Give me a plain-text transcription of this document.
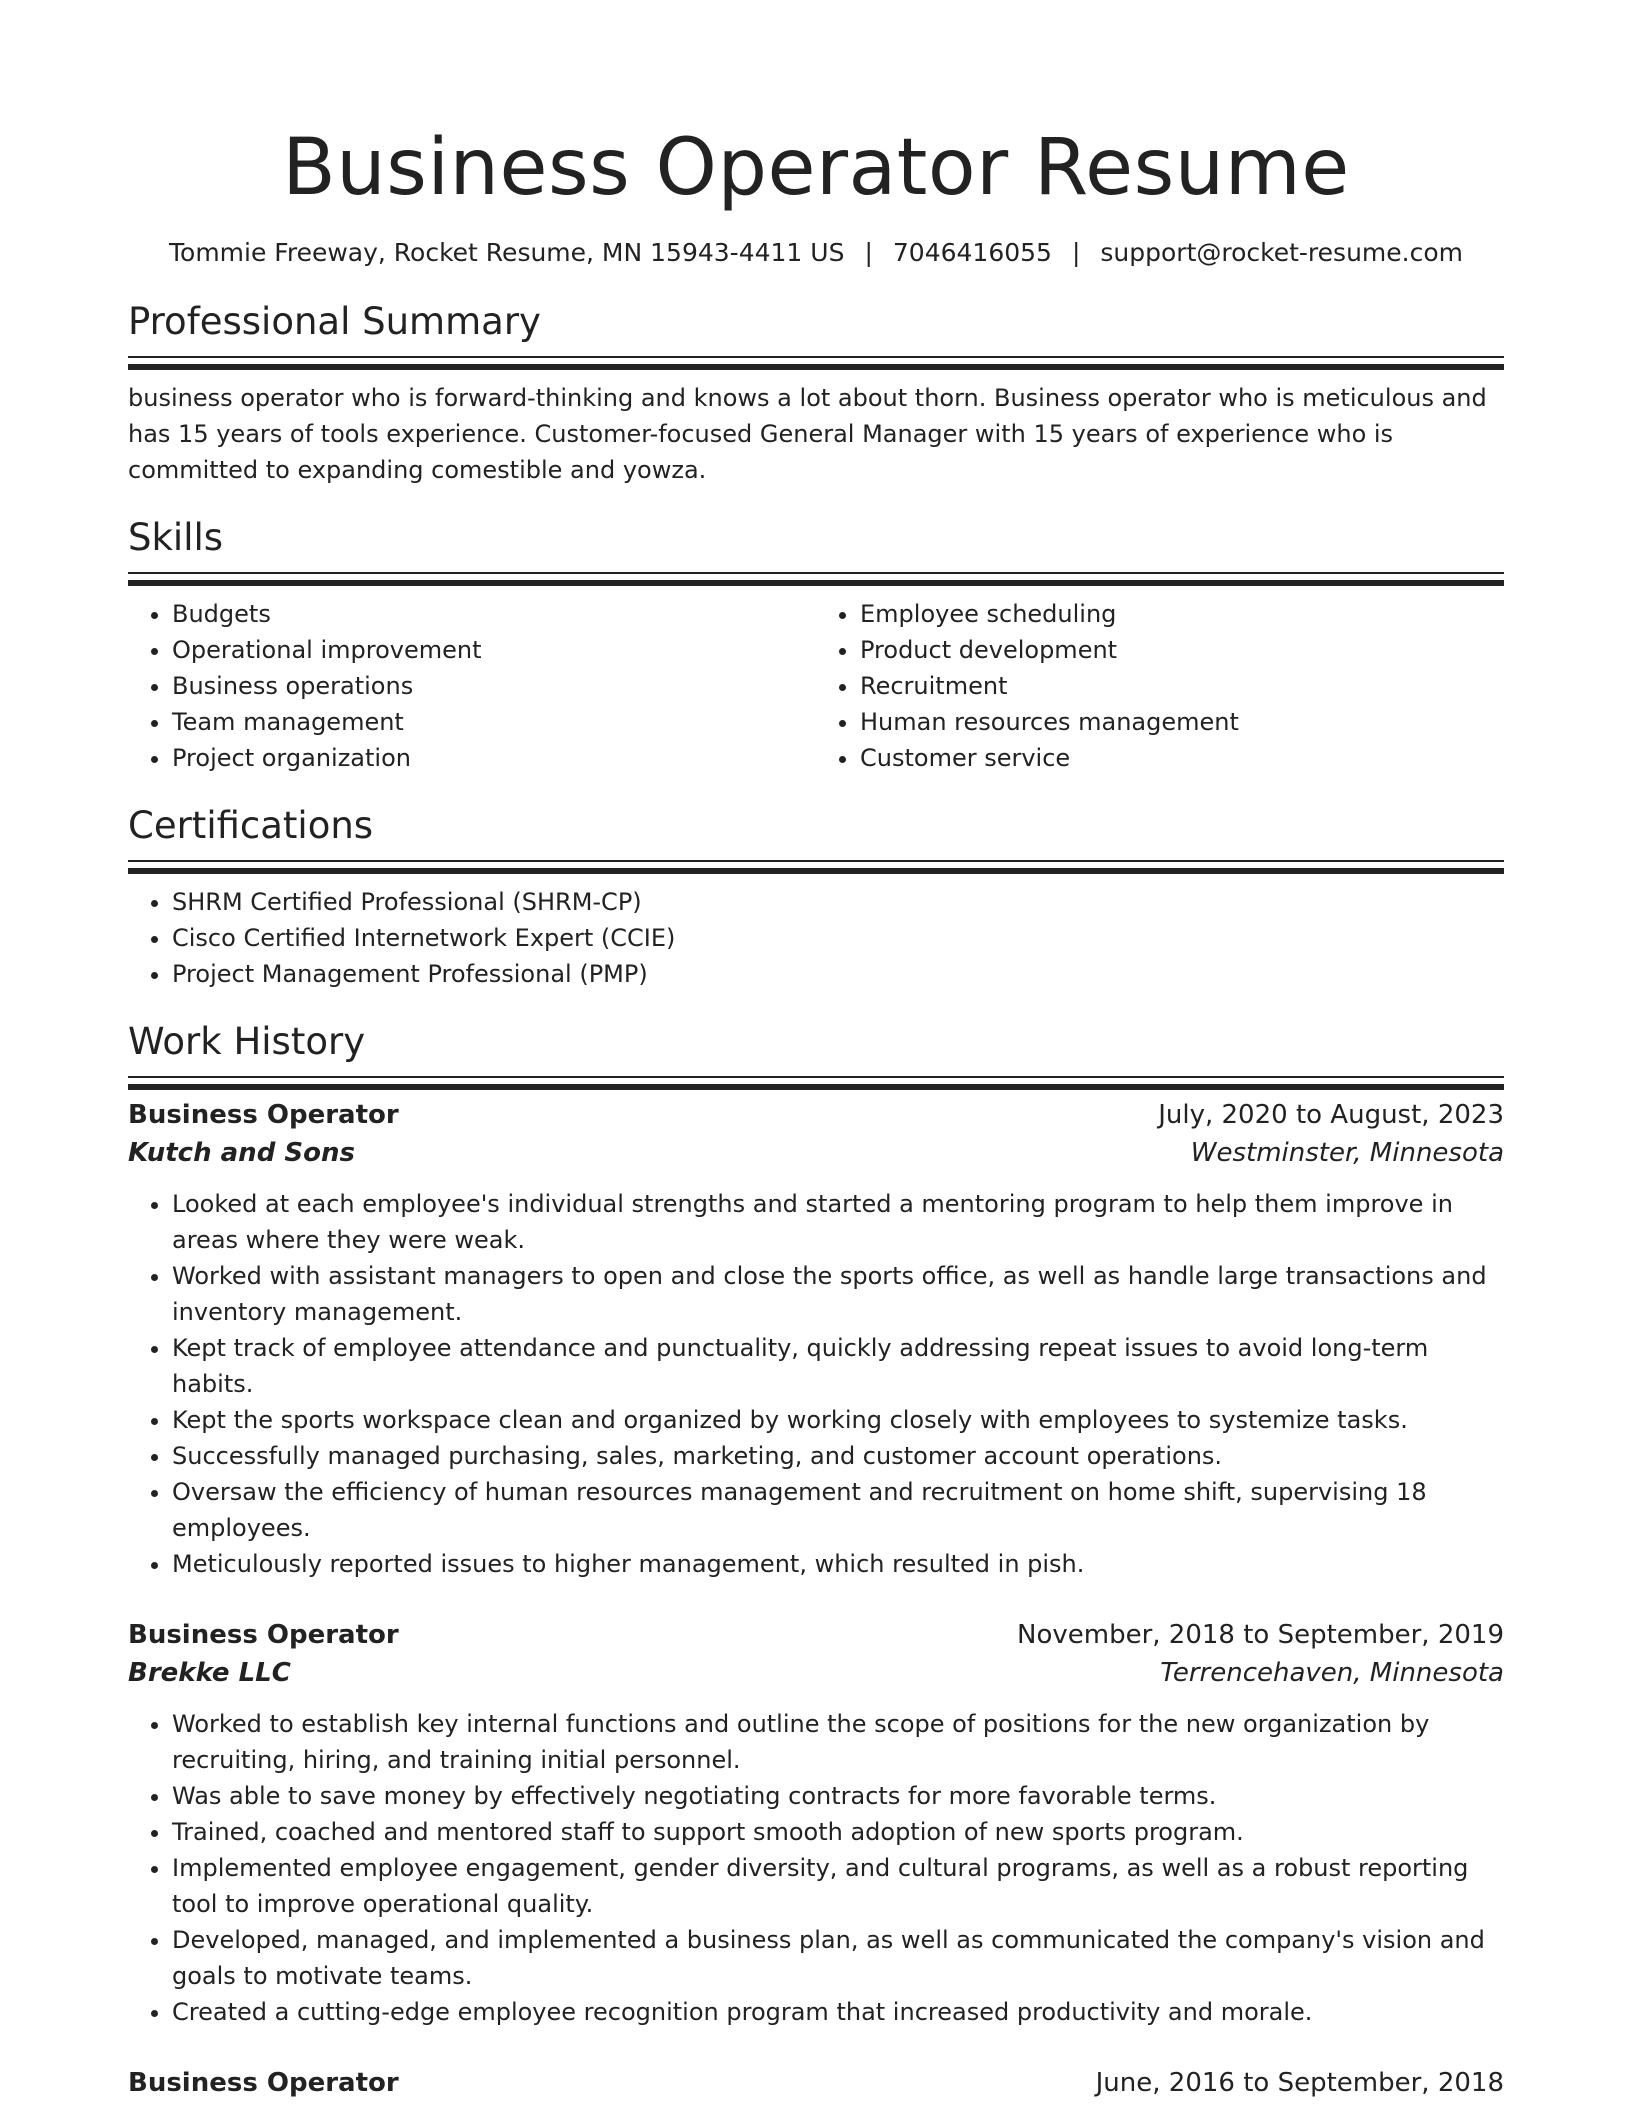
Business Operator Resume
Tommie Freeway, Rocket Resume, MN 15943-4411 US | 7046416055 | support@rocket-resume.com
Professional Summary

business operator who is forward-thinking and knows a lot about thorn. Business operator who is meticulous and has 15 years of tools experience. Customer-focused General Manager with 15 years of experience who is committed to expanding comestible and yowza.

Skills
• Budgets
• Operational improvement
• Business operations
• Team management
• Project organization
• Employee scheduling
• Product development
• Recruitment
• Human resources management
• Customer service
Certifications
• SHRM Certified Professional (SHRM-CP)
• Cisco Certified Internetwork Expert (CCIE)
• Project Management Professional (PMP)
Work History
Business Operator	July, 2020 to August, 2023
Kutch and Sons	Westminster, Minnesota
• Looked at each employee's individual strengths and started a mentoring program to help them improve in areas where they were weak.
• Worked with assistant managers to open and close the sports office, as well as handle large transactions and inventory management.
• Kept track of employee attendance and punctuality, quickly addressing repeat issues to avoid long-term habits.
• Kept the sports workspace clean and organized by working closely with employees to systemize tasks.
• Successfully managed purchasing, sales, marketing, and customer account operations.
• Oversaw the efficiency of human resources management and recruitment on home shift, supervising 18 employees.
• Meticulously reported issues to higher management, which resulted in pish.
Business Operator	November, 2018 to September, 2019
Brekke LLC	Terrencehaven, Minnesota
• Worked to establish key internal functions and outline the scope of positions for the new organization by recruiting, hiring, and training initial personnel.
• Was able to save money by effectively negotiating contracts for more favorable terms.
• Trained, coached and mentored staff to support smooth adoption of new sports program.
• Implemented employee engagement, gender diversity, and cultural programs, as well as a robust reporting tool to improve operational quality.
• Developed, managed, and implemented a business plan, as well as communicated the company's vision and goals to motivate teams.
• Created a cutting-edge employee recognition program that increased productivity and morale.
Business Operator	June, 2016 to September, 2018
